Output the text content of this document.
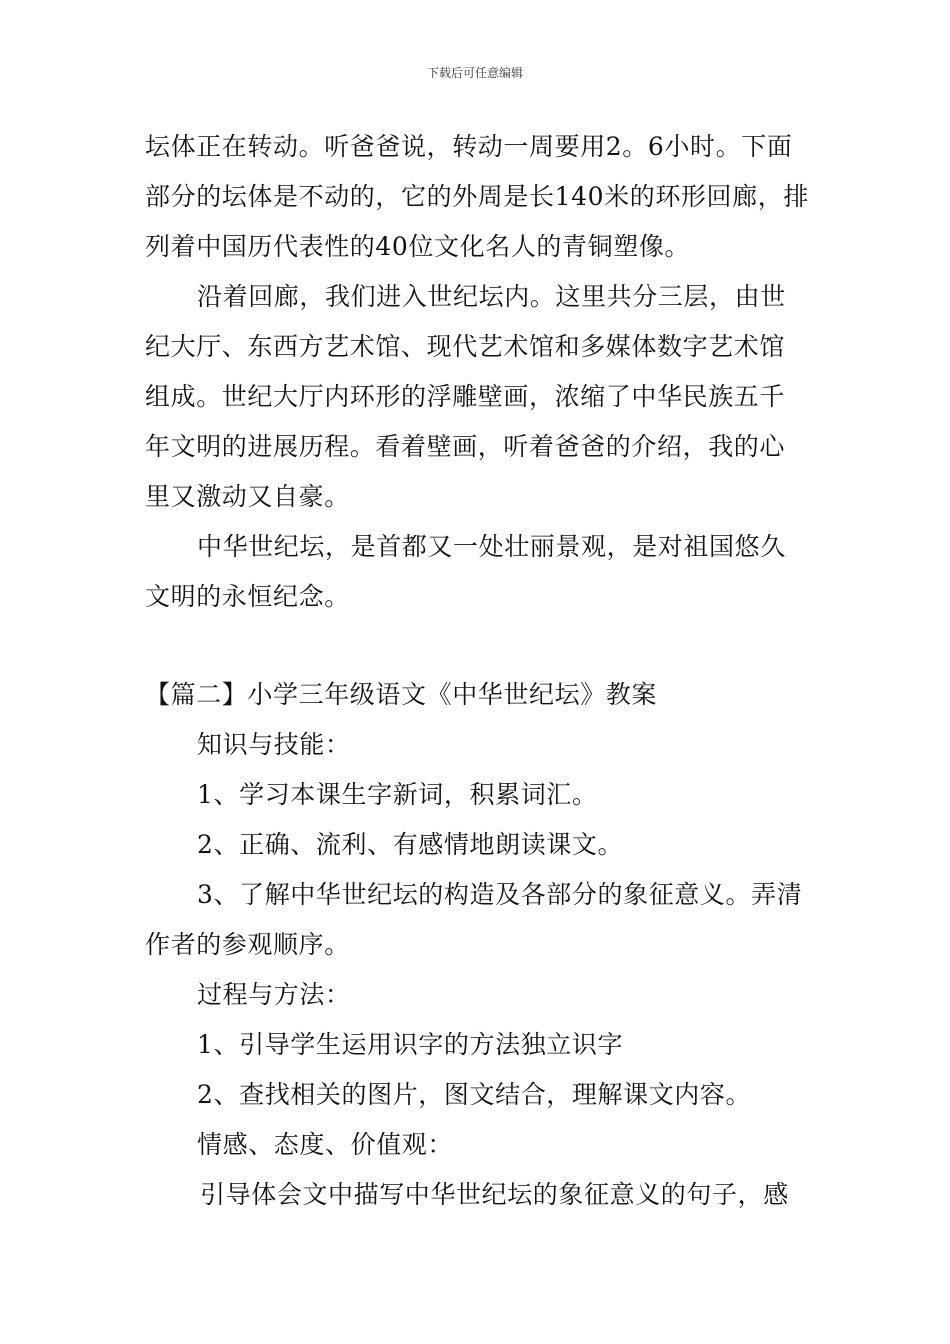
下载后可任意编辑
坛体正在转动。听爸爸说，转动一周要用2。6小时。下面
部分的坛体是不动的，它的外周是长140米的环形回廊，排
列着中国历代表性的40位文化名人的青铜塑像。
沿着回廊，我们进入世纪坛内。这里共分三层，由世
纪大厅、东西方艺术馆、现代艺术馆和多媒体数字艺术馆
组成。世纪大厅内环形的浮雕壁画，浓缩了中华民族五千
年文明的进展历程。看着壁画，听着爸爸的介绍，我的心
里又激动又自豪。
中华世纪坛，是首都又一处壮丽景观，是对祖国悠久
文明的永恒纪念。
【篇二】小学三年级语文《中华世纪坛》教案
知识与技能：
1、学习本课生字新词，积累词汇。
2、正确、流利、有感情地朗读课文。
3、了解中华世纪坛的构造及各部分的象征意义。弄清
作者的参观顺序。
过程与方法：
1、引导学生运用识字的方法独立识字
2、查找相关的图片，图文结合，理解课文内容。
情感、态度、价值观：
引导体会文中描写中华世纪坛的象征意义的句子，感
